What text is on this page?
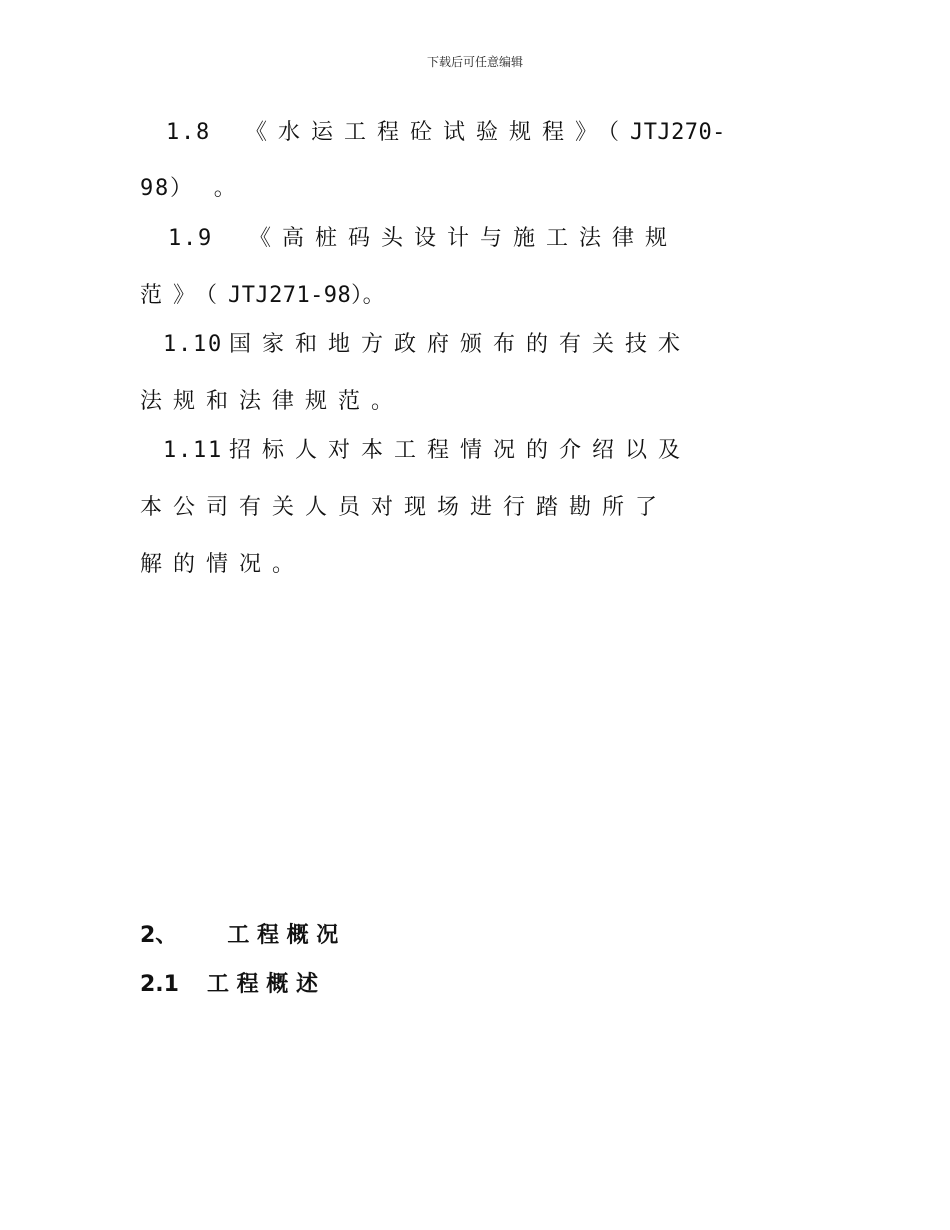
下载后可任意编辑
1.8 《水运工程砼试验规程》（JTJ270-
98） 。
1.9 《高桩码头设计与施工法律规
范》（JTJ271-98）。
1.10 国家和地方政府颁布的有关技术
法规和法律规范。
1.11 招标人对本工程情况的介绍以及
本公司有关人员对现场进行踏勘所了
解的情况。
2、 工 程 概 况
2.1 工 程 概 述
